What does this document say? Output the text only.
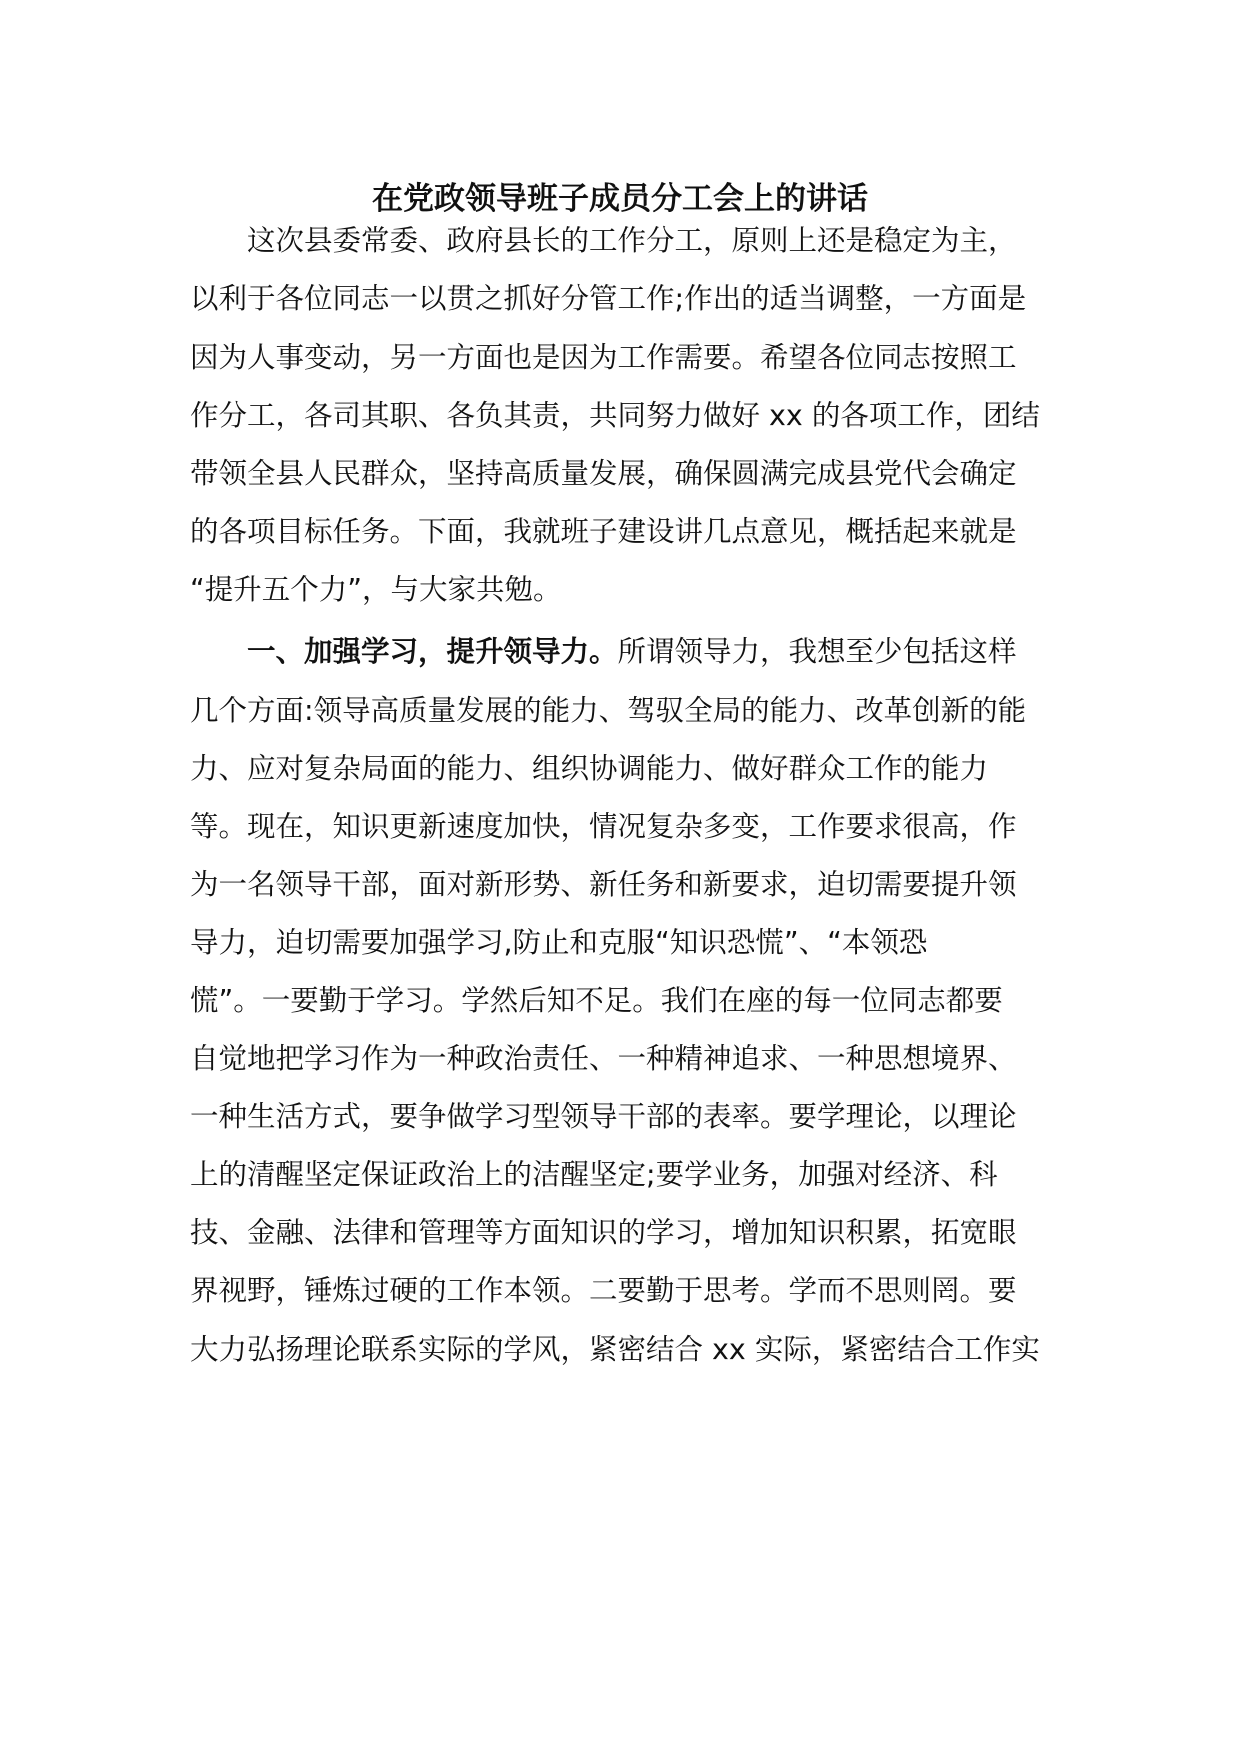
在党政领导班子成员分工会上的讲话
　　这次县委常委、政府县长的工作分工，原则上还是稳定为主，
以利于各位同志一以贯之抓好分管工作;作出的适当调整，一方面是
因为人事变动，另一方面也是因为工作需要。希望各位同志按照工
作分工，各司其职、各负其责，共同努力做好 xx 的各项工作，团结
带领全县人民群众，坚持高质量发展，确保圆满完成县党代会确定
的各项目标任务。下面，我就班子建设讲几点意见，概括起来就是
“提升五个力”，与大家共勉。
　　一、加强学习，提升领导力。所谓领导力，我想至少包括这样
几个方面:领导高质量发展的能力、驾驭全局的能力、改革创新的能
力、应对复杂局面的能力、组织协调能力、做好群众工作的能力
等。现在，知识更新速度加快，情况复杂多变，工作要求很高，作
为一名领导干部，面对新形势、新任务和新要求，迫切需要提升领
导力，迫切需要加强学习,防止和克服“知识恐慌”、“本领恐
慌”。一要勤于学习。学然后知不足。我们在座的每一位同志都要
自觉地把学习作为一种政治责任、一种精神追求、一种思想境界、
一种生活方式，要争做学习型领导干部的表率。要学理论，以理论
上的清醒坚定保证政治上的洁醒坚定;要学业务，加强对经济、科
技、金融、法律和管理等方面知识的学习，增加知识积累，拓宽眼
界视野，锤炼过硬的工作本领。二要勤于思考。学而不思则罔。要
大力弘扬理论联系实际的学风，紧密结合 xx 实际，紧密结合工作实
